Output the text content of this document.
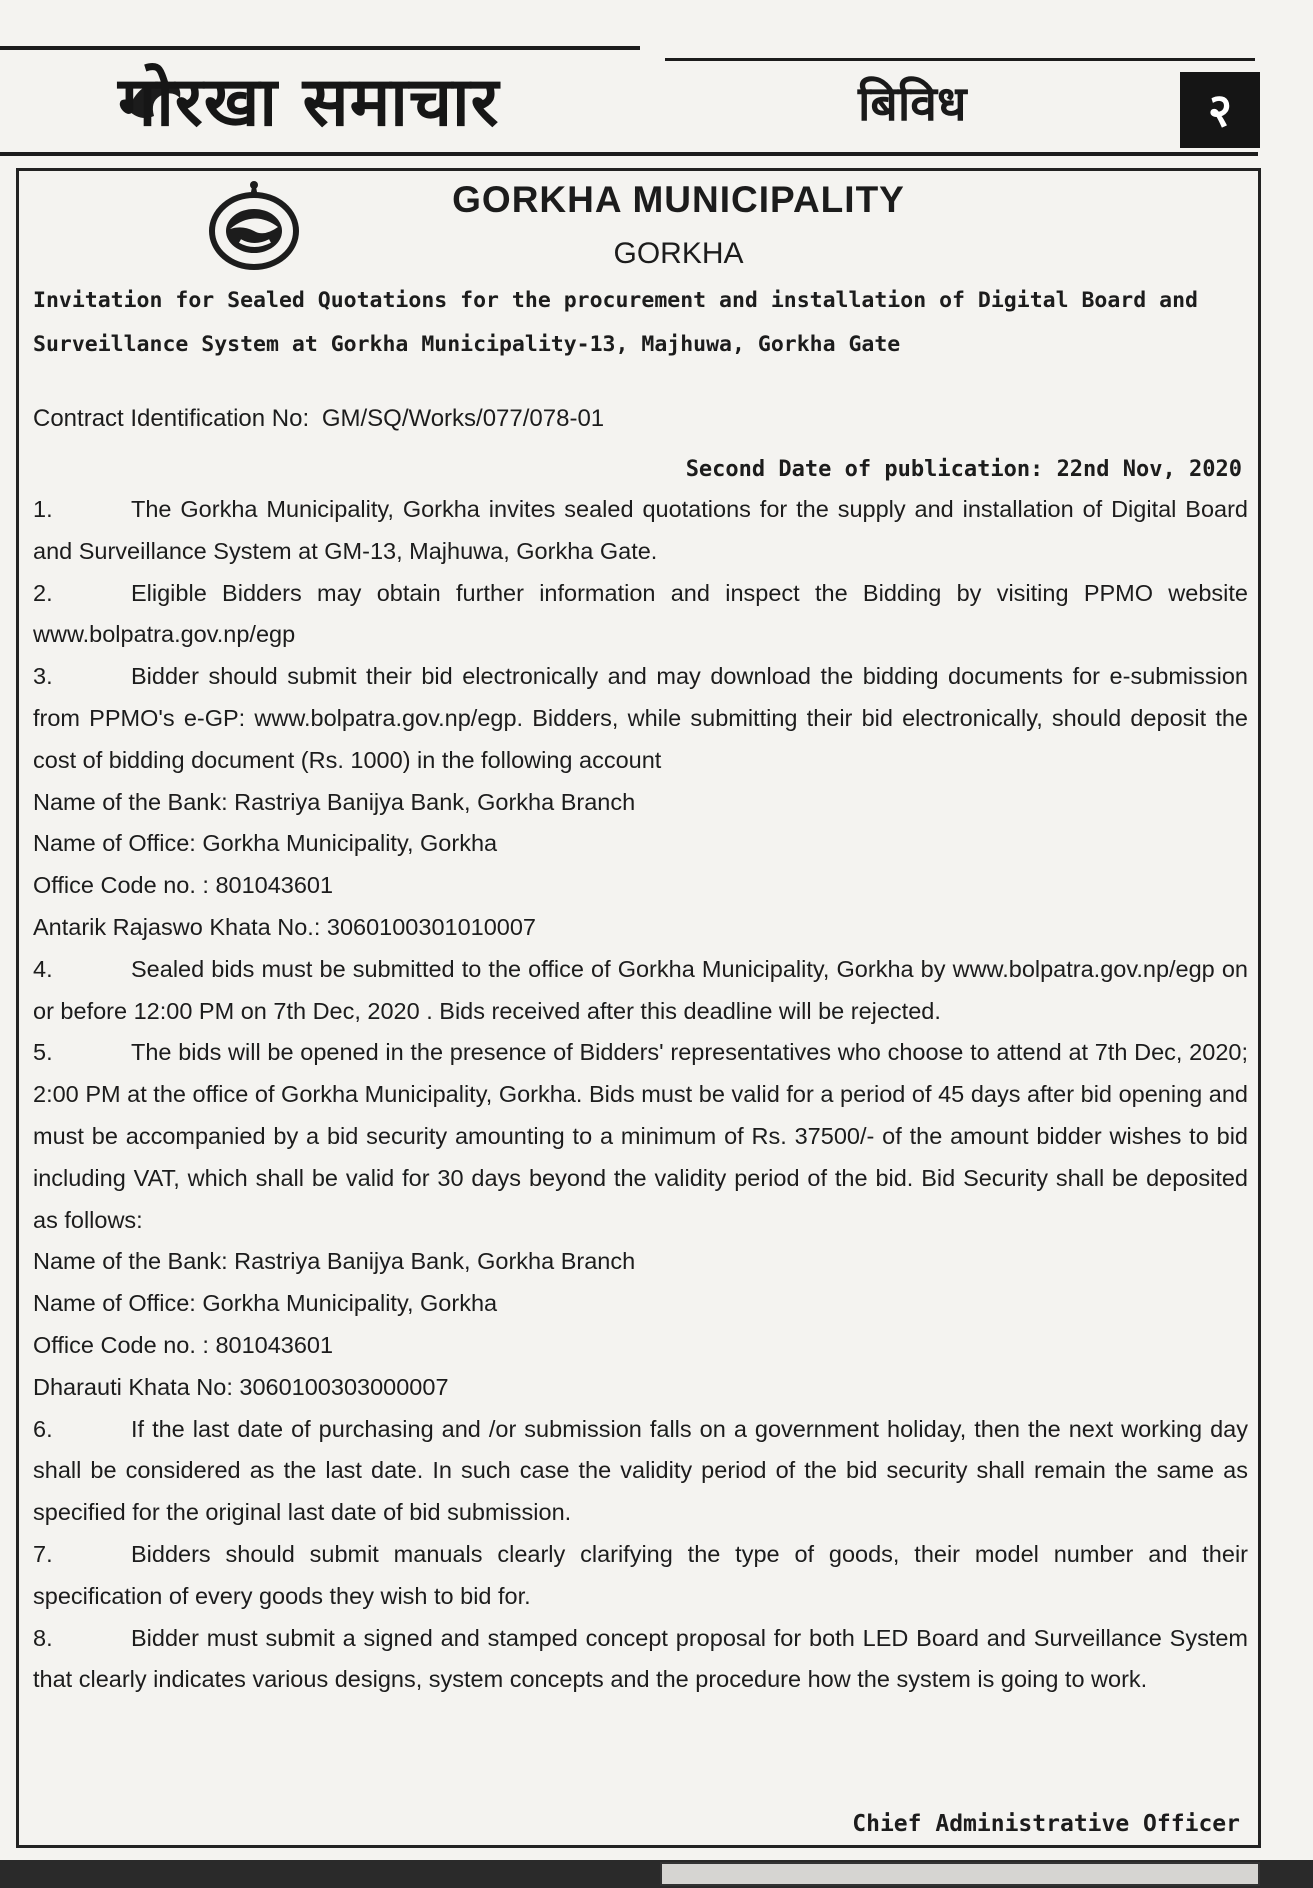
गोरखा समाचार	बिविध	२
GORKHA MUNICIPALITY
GORKHA
Invitation for Sealed Quotations for the procurement and installation of Digital Board and Surveillance System at Gorkha Municipality-13, Majhuwa, Gorkha Gate
Contract Identification No: GM/SQ/Works/077/078-01
Second Date of publication: 22nd Nov, 2020

1.	The Gorkha Municipality, Gorkha invites sealed quotations for the supply and installation of Digital Board and Surveillance System at GM-13, Majhuwa, Gorkha Gate.

2.	Eligible Bidders may obtain further information and inspect the Bidding by visiting PPMO website www.bolpatra.gov.np/egp

3.	Bidder should submit their bid electronically and may download the bidding documents for e-submission from PPMO's e-GP: www.bolpatra.gov.np/egp. Bidders, while submitting their bid electronically, should deposit the cost of bidding document (Rs. 1000) in the following account

Name of the Bank: Rastriya Banijya Bank, Gorkha Branch

Name of Office: Gorkha Municipality, Gorkha

Office Code no. : 801043601

Antarik Rajaswo Khata No.: 3060100301010007

4.	Sealed bids must be submitted to the office of Gorkha Municipality, Gorkha by www.bolpatra.gov.np/egp on or before 12:00 PM on 7th Dec, 2020 . Bids received after this deadline will be rejected.

5.	The bids will be opened in the presence of Bidders' representatives who choose to attend at 7th Dec, 2020; 2:00 PM at the office of Gorkha Municipality, Gorkha. Bids must be valid for a period of 45 days after bid opening and must be accompanied by a bid security amounting to a minimum of Rs. 37500/- of the amount bidder wishes to bid including VAT, which shall be valid for 30 days beyond the validity period of the bid. Bid Security shall be deposited as follows:

Name of the Bank: Rastriya Banijya Bank, Gorkha Branch

Name of Office: Gorkha Municipality, Gorkha

Office Code no. : 801043601

Dharauti Khata No: 3060100303000007

6.	If the last date of purchasing and /or submission falls on a government holiday, then the next working day shall be considered as the last date. In such case the validity period of the bid security shall remain the same as specified for the original last date of bid submission.

7.	Bidders should submit manuals clearly clarifying the type of goods, their model number and their specification of every goods they wish to bid for.

8.	Bidder must submit a signed and stamped concept proposal for both LED Board and Surveillance System that clearly indicates various designs, system concepts and the procedure how the system is going to work.

Chief Administrative Officer
